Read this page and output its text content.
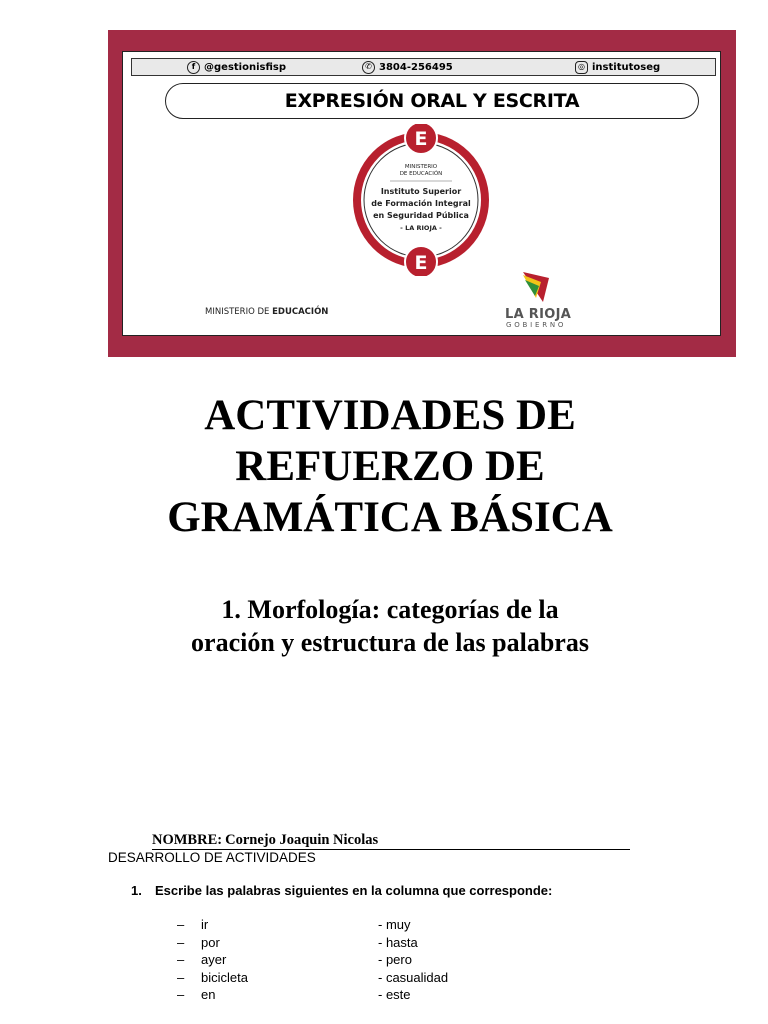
f @gestionisfisp	✆ 3804-256495	◎ institutoseg
EXPRESIÓN ORAL Y ESCRITA
E
E
MINISTERIO
DE EDUCACIÓN
Instituto Superior
de Formación Integral
en Seguridad Pública
- LA RIOJA -
MINISTERIO DE EDUCACIÓN	LA RIOJA
GOBIERNO
ACTIVIDADES DE
REFUERZO DE
GRAMÁTICA BÁSICA
1. Morfología: categorías de la
oración y estructura de las palabras
NOMBRE: Cornejo Joaquin Nicolas
DESARROLLO DE ACTIVIDADES
1. Escribe las palabras siguientes en la columna que corresponde:
– ir	- muy
– por	- hasta
– ayer	- pero
– bicicleta	- casualidad
– en	- este
